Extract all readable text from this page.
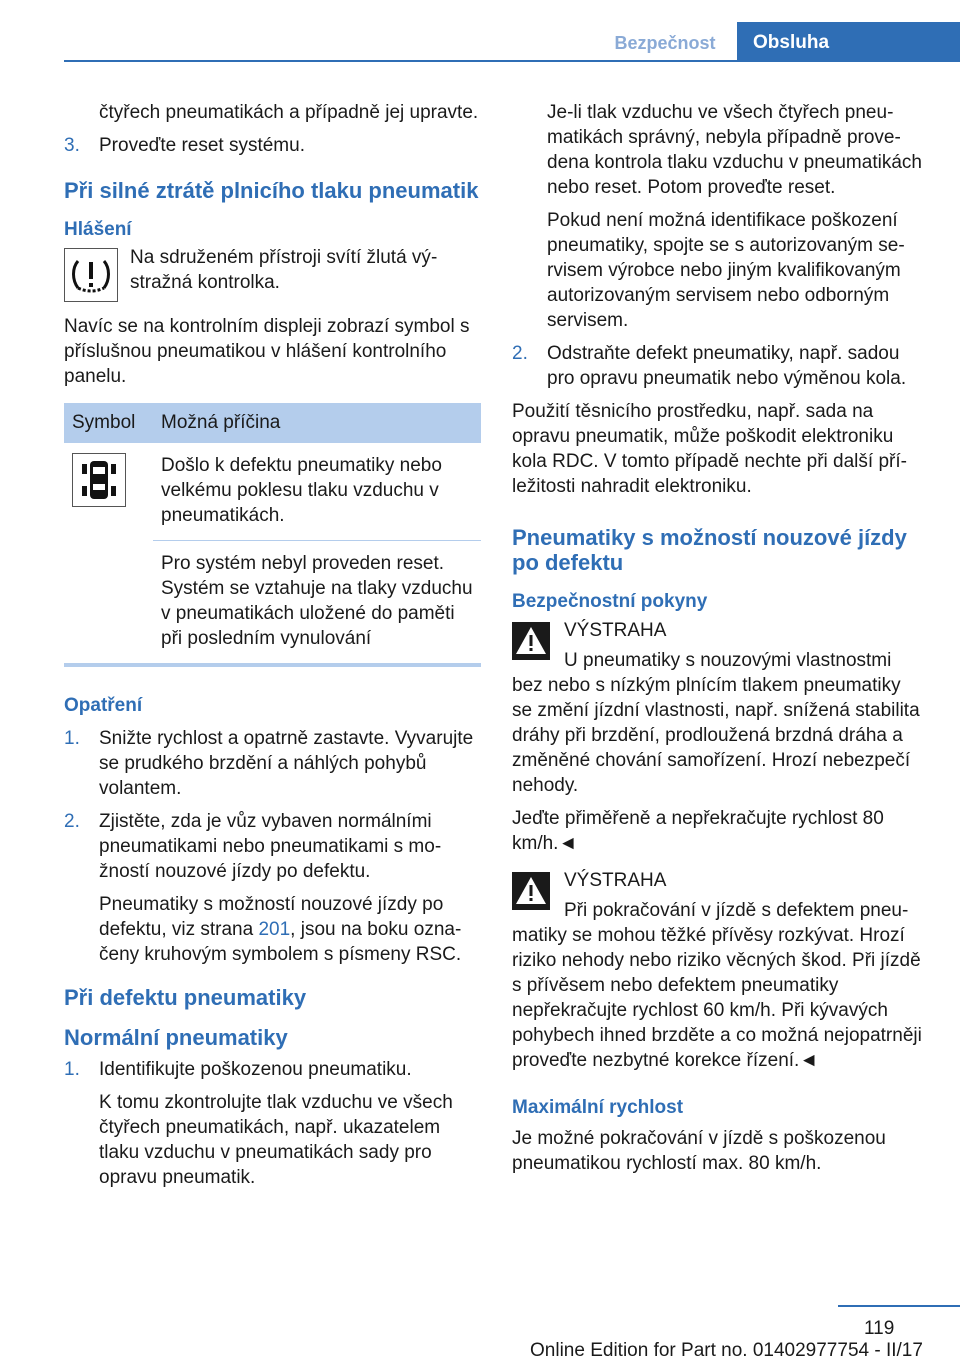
Bezpečnost	Obsluha

čtyřech pneumatikách a případně jej upravte.

3.	Proveďte reset systému.

Při silné ztrátě plnicího tlaku pneumatik
Hlášení

Na sdruženém přístroji svítí žlutá výstražná kontrolka.

Navíc se na kontrolním displeji zobrazí symbol s příslušnou pneumatikou v hlášení kontrolního panelu.

Symbol	Možná příčina
	Došlo k defektu pneumatiky nebo velkému poklesu tlaku vzduchu v pneumatikách.
	Pro systém nebyl proveden reset. Systém se vztahuje na tlaky vzduchu v pneumatikách uložené do paměti při posledním vynulování

Opatření
1.	Snižte rychlost a opatrně zastavte. Vyvarujte se prudkého brzdění a náhlých pohybů volantem.

2.	Zjistěte, zda je vůz vybaven normálními pneumatikami nebo pneumatikami s možností nouzové jízdy po defektu.

Pneumatiky s možností nouzové jízdy po defektu, viz strana 201, jsou na boku označeny kruhovým symbolem s písmeny RSC.

Při defektu pneumatiky
Normální pneumatiky
1.	Identifikujte poškozenou pneumatiku.

K tomu zkontrolujte tlak vzduchu ve všech čtyřech pneumatikách, např. ukazatelem tlaku vzduchu v pneumatikách sady pro opravu pneumatik.

Je-li tlak vzduchu ve všech čtyřech pneumatikách správný, nebyla případně provedena kontrola tlaku vzduchu v pneumatikách nebo reset. Potom proveďte reset.

Pokud není možná identifikace poškození pneumatiky, spojte se s autorizovaným servisem výrobce nebo jiným kvalifikovaným autorizovaným servisem nebo odborným servisem.

2.	Odstraňte defekt pneumatiky, např. sadou pro opravu pneumatik nebo výměnou kola.

Použití těsnicího prostředku, např. sada na opravu pneumatik, může poškodit elektroniku kola RDC. V tomto případě nechte při další příležitosti nahradit elektroniku.

Pneumatiky s možností nouzové jízdy po defektu
Bezpečnostní pokyny

VÝSTRAHA

U pneumatiky s nouzovými vlastnostmi bez nebo s nízkým plnícím tlakem pneumatiky se změní jízdní vlastnosti, např. snížená stabilita dráhy při brzdění, prodloužená brzdná dráha a změněné chování samořízení. Hrozí nebezpečí nehody.

Jeďte přiměřeně a nepřekračujte rychlost 80 km/h.◄

VÝSTRAHA

Při pokračování v jízdě s defektem pneumatiky se mohou těžké přívěsy rozkývat. Hrozí riziko nehody nebo riziko věcných škod. Při jízdě s přívěsem nebo defektem pneumatiky nepřekračujte rychlost 60 km/h. Při kývavých pohybech ihned brzděte a co možná nejopatrněji proveďte nezbytné korekce řízení.◄

Maximální rychlost

Je možné pokračování v jízdě s poškozenou pneumatikou rychlostí max. 80 km/h.

119
Online Edition for Part no. 01402977754 - II/17
